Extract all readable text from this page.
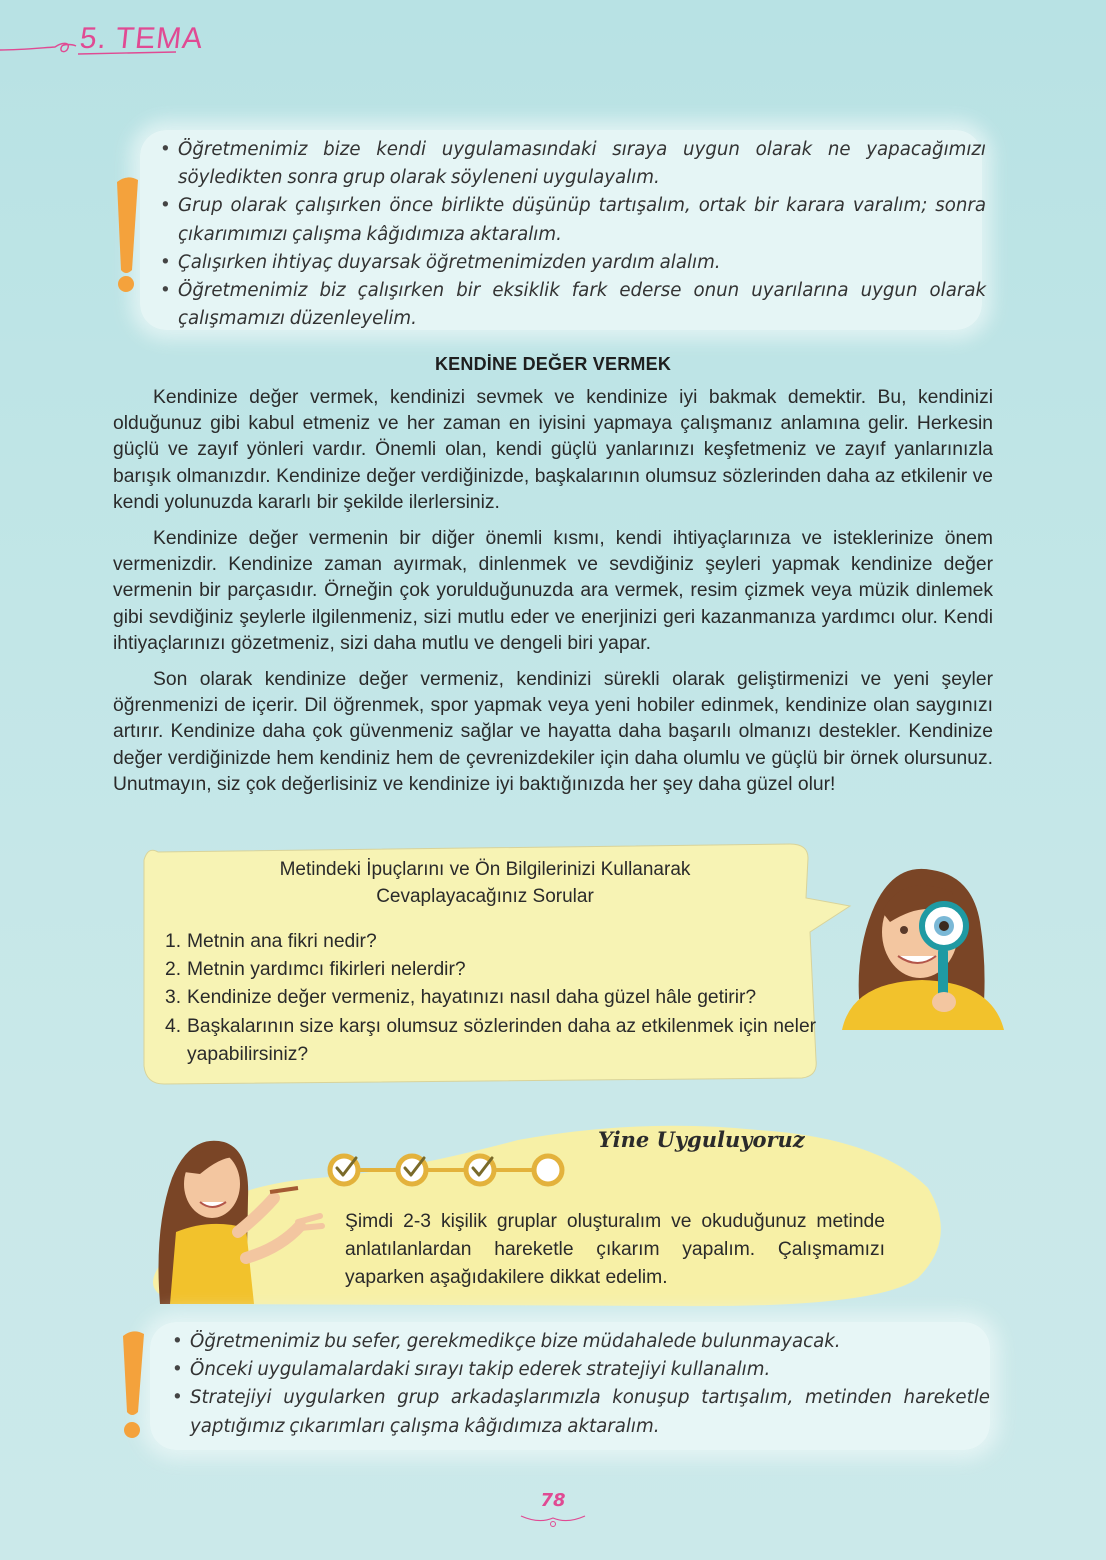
5. TEMA
• Öğretmenimiz bize kendi uygulamasındaki sıraya uygun olarak ne yapacağımızı söyledikten sonra grup olarak söyleneni uygulayalım.
• Grup olarak çalışırken önce birlikte düşünüp tartışalım, ortak bir karara varalım; sonra çıkarımımızı çalışma kâğıdımıza aktaralım.
• Çalışırken ihtiyaç duyarsak öğretmenimizden yardım alalım.
• Öğretmenimiz biz çalışırken bir eksiklik fark ederse onun uyarılarına uygun olarak çalışmamızı düzenleyelim.
KENDİNE DEĞER VERMEK

Kendinize değer vermek, kendinizi sevmek ve kendinize iyi bakmak demektir. Bu, kendinizi olduğunuz gibi kabul etmeniz ve her zaman en iyisini yapmaya çalışmanız anlamına gelir. Herkesin güçlü ve zayıf yönleri vardır. Önemli olan, kendi güçlü yanlarınızı keşfetmeniz ve zayıf yanlarınızla barışık olmanızdır. Kendinize değer verdiğinizde, başkalarının olumsuz sözlerinden daha az etkilenir ve kendi yolunuzda kararlı bir şekilde ilerlersiniz.

Kendinize değer vermenin bir diğer önemli kısmı, kendi ihtiyaçlarınıza ve isteklerinize önem vermenizdir. Kendinize zaman ayırmak, dinlenmek ve sevdiğiniz şeyleri yapmak kendinize değer vermenin bir parçasıdır. Örneğin çok yorulduğunuzda ara vermek, resim çizmek veya müzik dinlemek gibi sevdiğiniz şeylerle ilgilenmeniz, sizi mutlu eder ve enerjinizi geri kazanmanıza yardımcı olur. Kendi ihtiyaçlarınızı gözetmeniz, sizi daha mutlu ve dengeli biri yapar.

Son olarak kendinize değer vermeniz, kendinizi sürekli olarak geliştirmenizi ve yeni şeyler öğrenmenizi de içerir. Dil öğrenmek, spor yapmak veya yeni hobiler edinmek, kendinize olan saygınızı artırır. Kendinize daha çok güvenmeniz sağlar ve hayatta daha başarılı olmanızı destekler. Kendinize değer verdiğinizde hem kendiniz hem de çevrenizdekiler için daha olumlu ve güçlü bir örnek olursunuz. Unutmayın, siz çok değerlisiniz ve kendinize iyi baktığınızda her şey daha güzel olur!

Metindeki İpuçlarını ve Ön Bilgilerinizi Kullanarak
Cevaplayacağınız Sorular
1. Metnin ana fikri nedir?
2. Metnin yardımcı fikirleri nelerdir?
3. Kendinize değer vermeniz, hayatınızı nasıl daha güzel hâle getirir?
4. Başkalarının size karşı olumsuz sözlerinden daha az etkilenmek için neler yapabilirsiniz?
Yine Uyguluyoruz
Şimdi 2-3 kişilik gruplar oluşturalım ve okuduğunuz metinde anlatılanlardan hareketle çıkarım yapalım. Çalışmamızı yaparken aşağıdakilere dikkat edelim.
• Öğretmenimiz bu sefer, gerekmedikçe bize müdahalede bulunmayacak.
• Önceki uygulamalardaki sırayı takip ederek stratejiyi kullanalım.
• Stratejiyi uygularken grup arkadaşlarımızla konuşup tartışalım, metinden hareketle yaptığımız çıkarımları çalışma kâğıdımıza aktaralım.
78
